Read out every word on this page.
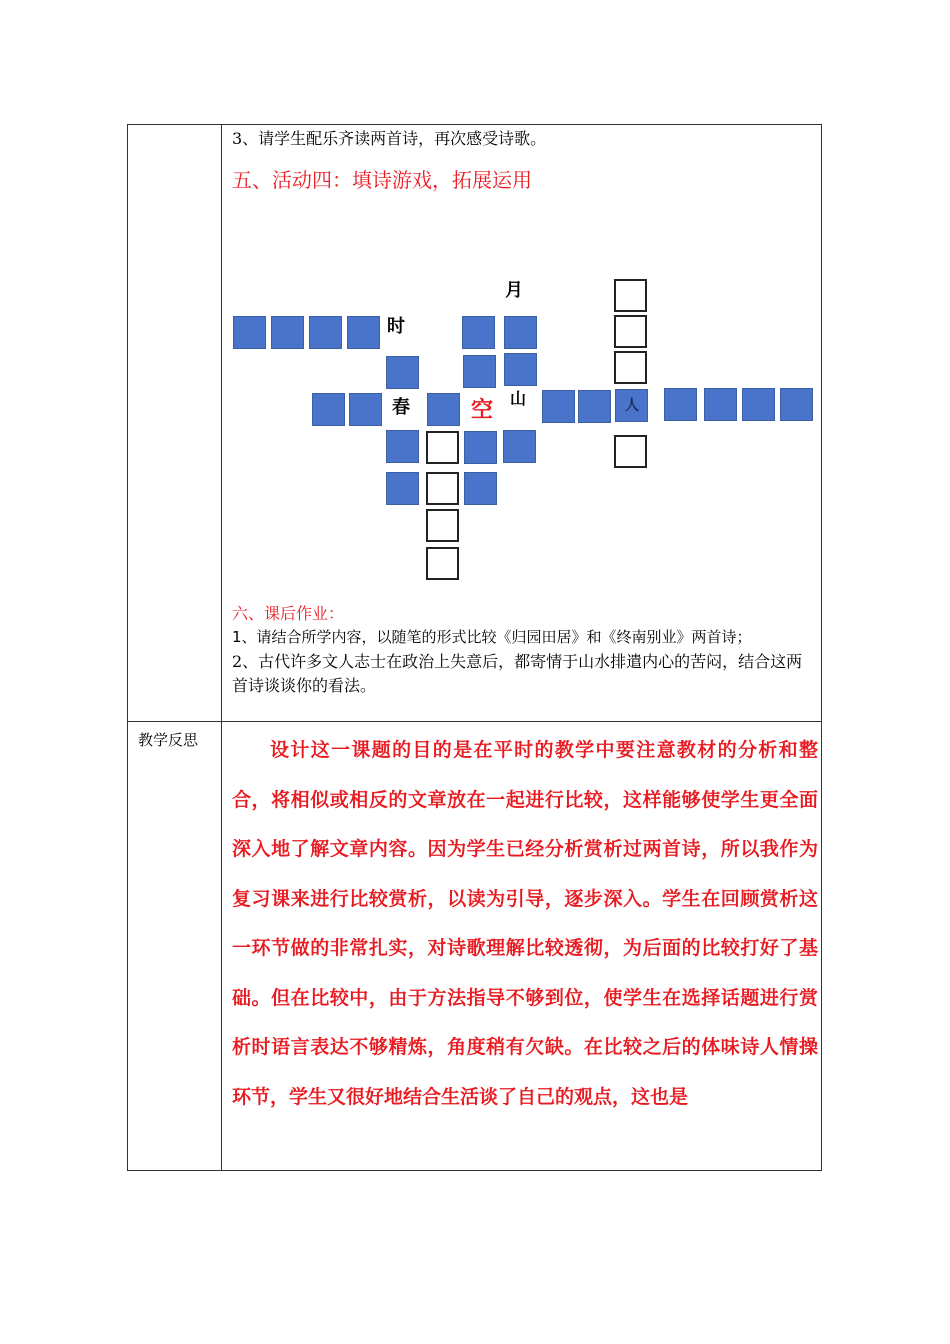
3、请学生配乐齐读两首诗，再次感受诗歌。
五、活动四：填诗游戏，拓展运用
时
月
人
春	空 山
六、课后作业：
1、请结合所学内容，以随笔的形式比较《归园田居》和《终南别业》两首诗；
2、古代许多文人志士在政治上失意后，都寄情于山水排遣内心的苦闷，结合这两首诗谈谈你的看法。
教学反思	设计这一课题的目的是在平时的教学中要注意教材的分析和整合，将相似或相反的文章放在一起进行比较，这样能够使学生更全面深入地了解文章内容。因为学生已经分析赏析过两首诗，所以我作为复习课来进行比较赏析，以读为引导，逐步深入。学生在回顾赏析这一环节做的非常扎实，对诗歌理解比较透彻，为后面的比较打好了基础。但在比较中，由于方法指导不够到位，使学生在选择话题进行赏析时语言表达不够精炼，角度稍有欠缺。在比较之后的体味诗人情操环节，学生又很好地结合生活谈了自己的观点，这也是
